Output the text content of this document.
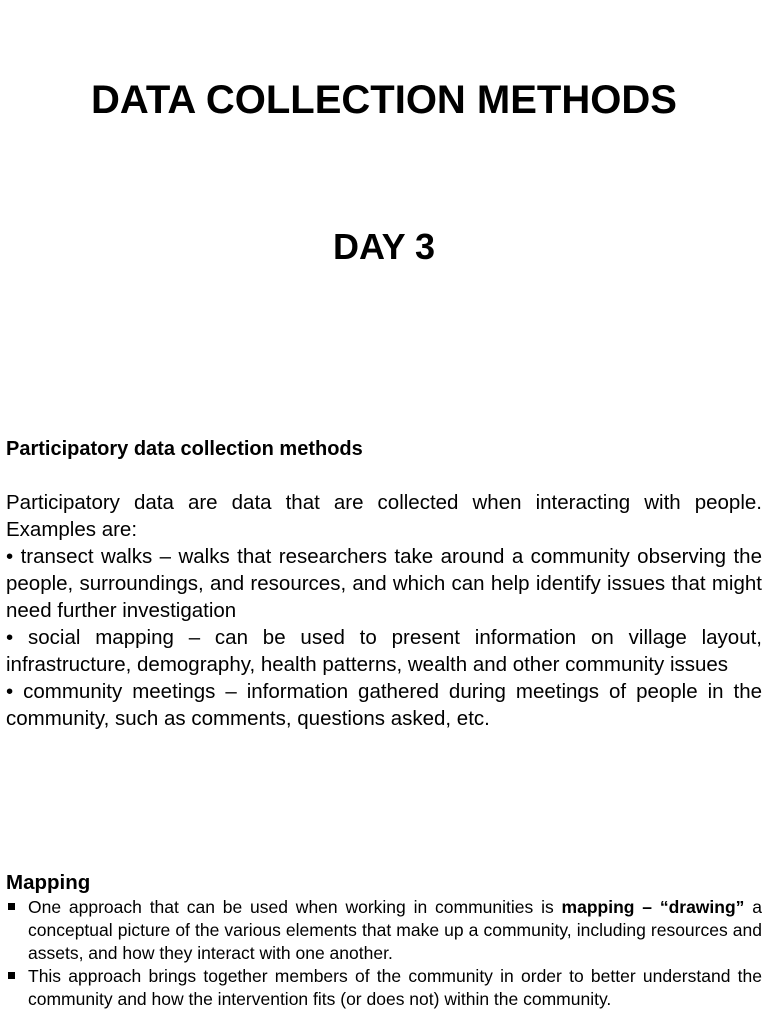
DATA COLLECTION METHODS
DAY 3

Participatory data collection methods

Participatory data are data that are collected when interacting with people. Examples are:

• transect walks – walks that researchers take around a community observing the people, surroundings, and resources, and which can help identify issues that might need further investigation

• social mapping – can be used to present information on village layout, infrastructure, demography, health patterns, wealth and other community issues

• community meetings – information gathered during meetings of people in the community, such as comments, questions asked, etc.

Mapping

One approach that can be used when working in communities is mapping – “drawing” a conceptual picture of the various elements that make up a community, including resources and assets, and how they interact with one another.
This approach brings together members of the community in order to better understand the community and how the intervention fits (or does not) within the community.
